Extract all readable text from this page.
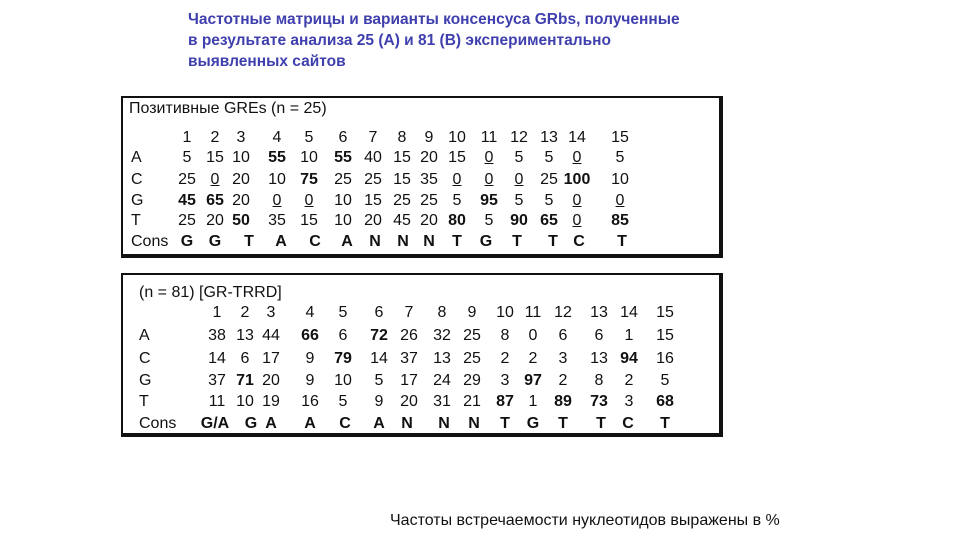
Частотные матрицы и варианты консенсуса GRbs, полученные
в результате анализа 25 (А) и 81 (В) экспериментально
выявленных сайтов
Позитивные GREs (n = 25)
1 2 3 4 5 6 7 8 9 10 11 12 13 14 15
A	5 15 10 55 10 55 40 15 20 15 0 5 5 0 5
C 25 0 20 10 75 25 25 15 35 0 0 0 25 100 10
G 45 65 20 0 0 10 15 25 25 5 95 5 5 0 0
T 25 20 50 35 15 10 20 45 20 80 5 90 65 0 85
Cons G G T A C A N N N T G T T C T
(n = 81) [GR-TRRD]
1 2 3 4 5 6 7 8 9 10 11 12 13 14 15
A	38 13 44 66 6 72 26 32 25 8 0 6 6 1 15
C	14 6 17 9 79 14 37 13 25 2 2 3 13 94 16
G	37 71 20 9 10 5 17 24 29 3 97 2 8 2 5
T	11 10 19 16 5 9 20 31 21 87 1 89 73 3 68
Cons G/A G A A C A N N N T G T T C T
Частоты встречаемости нуклеотидов выражены в %
